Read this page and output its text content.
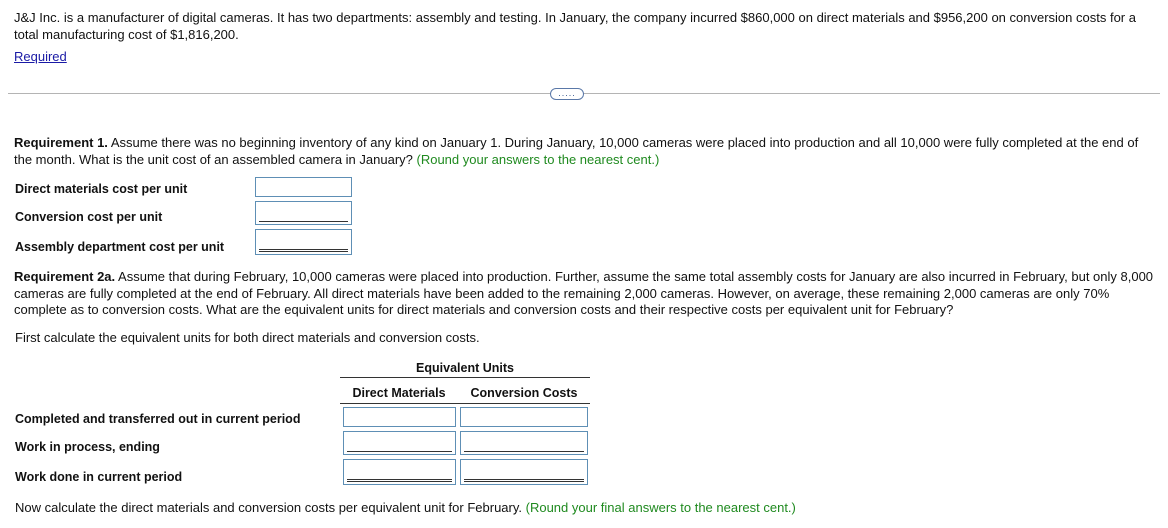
J&J Inc. is a manufacturer of digital cameras. It has two departments: assembly and testing. In January, the company incurred $860,000 on direct materials and $956,200 on conversion costs for a total manufacturing cost of $1,816,200.
Required
.....
Requirement 1. Assume there was no beginning inventory of any kind on January 1. During January, 10,000 cameras were placed into production and all 10,000 were fully completed at the end of the month. What is the unit cost of an assembled camera in January? (Round your answers to the nearest cent.)
Direct materials cost per unit
Conversion cost per unit
Assembly department cost per unit
Requirement 2a. Assume that during February, 10,000 cameras were placed into production. Further, assume the same total assembly costs for January are also incurred in February, but only 8,000 cameras are fully completed at the end of February. All direct materials have been added to the remaining 2,000 cameras. However, on average, these remaining 2,000 cameras are only 70% complete as to conversion costs. What are the equivalent units for direct materials and conversion costs and their respective costs per equivalent unit for February?
First calculate the equivalent units for both direct materials and conversion costs.
Equivalent Units
Direct Materials	Conversion Costs
Completed and transferred out in current period
Work in process, ending
Work done in current period
Now calculate the direct materials and conversion costs per equivalent unit for February. (Round your final answers to the nearest cent.)
